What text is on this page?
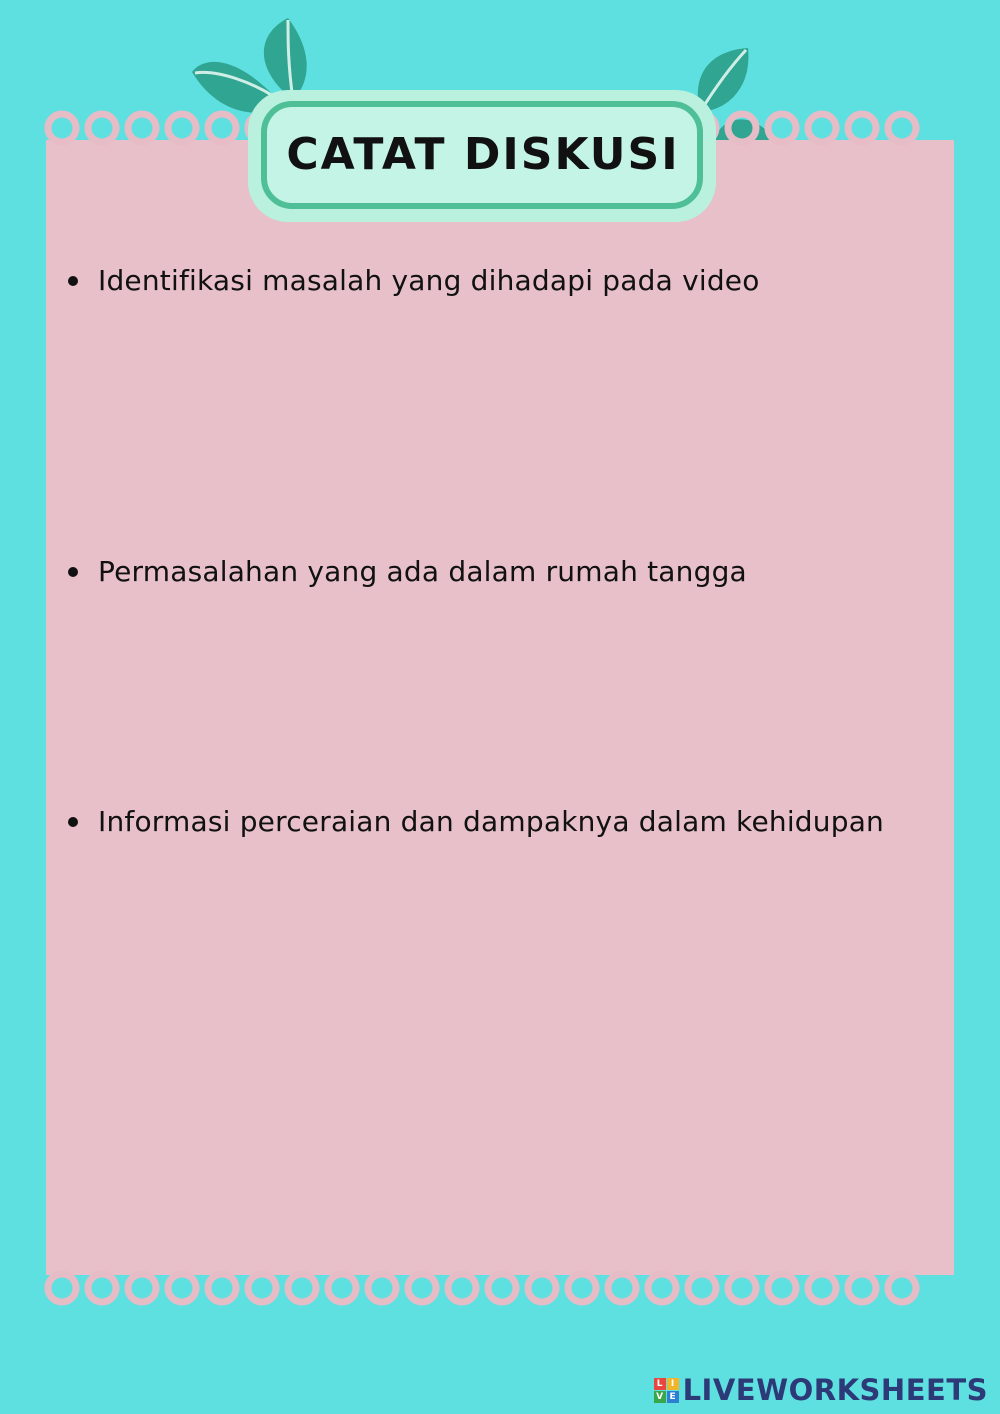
CATAT DISKUSI
Identifikasi masalah yang dihadapi pada video
Permasalahan yang ada dalam rumah tangga
Informasi perceraian dan dampaknya dalam kehidupan
L I
V E LIVEWORKSHEETS
